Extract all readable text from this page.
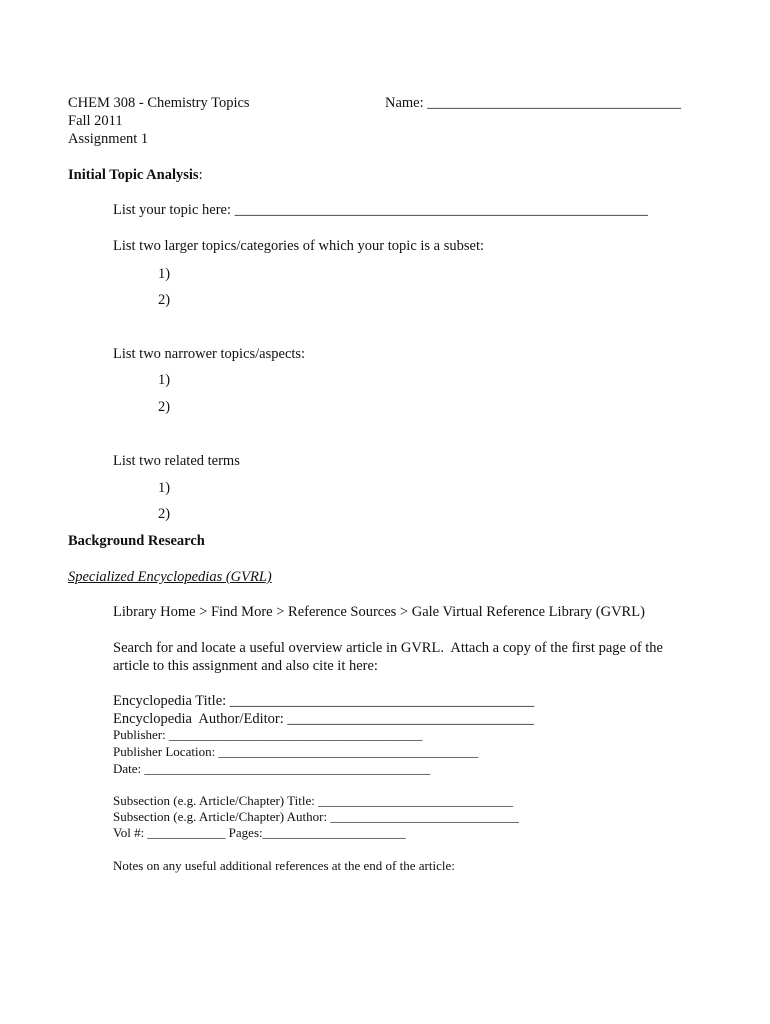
CHEM 308 - Chemistry Topics	Name: ___________________________________
Fall 2011
Assignment 1
Initial Topic Analysis:
List your topic here: _________________________________________________________
List two larger topics/categories of which your topic is a subset:
1)
2)
List two narrower topics/aspects:
1)
2)
List two related terms
1)
2)
Background Research
Specialized Encyclopedias (GVRL)
Library Home > Find More > Reference Sources > Gale Virtual Reference Library (GVRL)
Search for and locate a useful overview article in GVRL.  Attach a copy of the first page of the
article to this assignment and also cite it here:
Encyclopedia Title: __________________________________________
Encyclopedia  Author/Editor: __________________________________
Publisher: _______________________________________
Publisher Location: ________________________________________
Date: ____________________________________________
Subsection (e.g. Article/Chapter) Title: ______________________________
Subsection (e.g. Article/Chapter) Author: _____________________________
Vol #: ____________ Pages:______________________
Notes on any useful additional references at the end of the article:
